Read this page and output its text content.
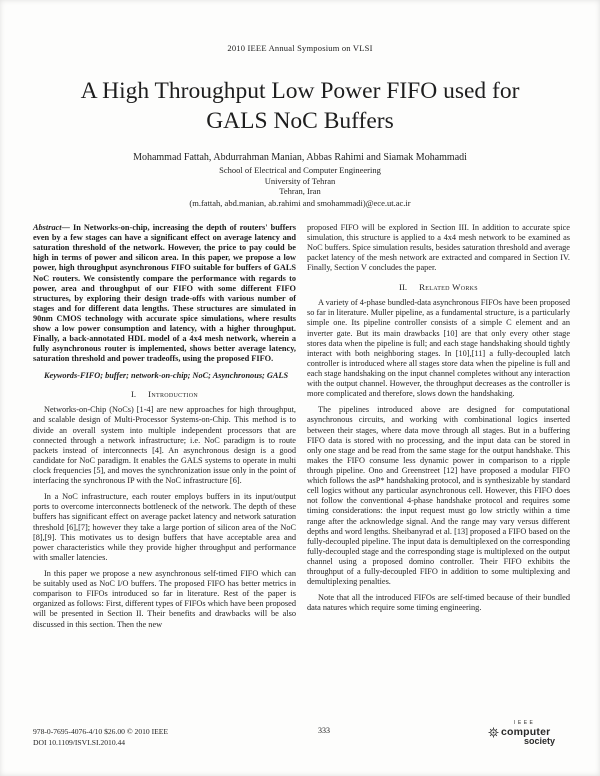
2010 IEEE Annual Symposium on VLSI
A High Throughput Low Power FIFO used for GALS NoC Buffers
Mohammad Fattah, Abdurrahman Manian, Abbas Rahimi and Siamak Mohammadi
School of Electrical and Computer Engineering
University of Tehran
Tehran, Iran
(m.fattah, abd.manian, ab.rahimi and smohammadi)@ece.ut.ac.ir

Abstract— In Networks-on-chip, increasing the depth of routers' buffers even by a few stages can have a significant effect on average latency and saturation threshold of the network. However, the price to pay could be high in terms of power and silicon area. In this paper, we propose a low power, high throughput asynchronous FIFO suitable for buffers of GALS NoC routers. We consistently compare the performance with regards to power, area and throughput of our FIFO with some different FIFO structures, by exploring their design trade-offs with various number of stages and for different data lengths. These structures are simulated in 90nm CMOS technology with accurate spice simulations, where results show a low power consumption and latency, with a higher throughput. Finally, a back-annotated HDL model of a 4x4 mesh network, wherein a fully asynchronous router is implemented, shows better average latency, saturation threshold and power tradeoffs, using the proposed FIFO.

Keywords-FIFO; buffer; network-on-chip; NoC; Asynchronous; GALS

I. Introduction

Networks-on-Chip (NoCs) [1-4] are new approaches for high throughput, and scalable design of Multi-Processor Systems-on-Chip. This method is to divide an overall system into multiple independent processors that are connected through a network infrastructure; i.e. NoC paradigm is to route packets instead of interconnects [4]. An asynchronous design is a good candidate for NoC paradigm. It enables the GALS systems to operate in multi clock frequencies [5], and moves the synchronization issue only in the point of interfacing the synchronous IP with the NoC infrastructure [6].

In a NoC infrastructure, each router employs buffers in its input/output ports to overcome interconnects bottleneck of the network. The depth of these buffers has significant effect on average packet latency and network saturation threshold [6],[7]; however they take a large portion of silicon area of the NoC [8],[9]. This motivates us to design buffers that have acceptable area and power characteristics while they provide higher throughput and performance with smaller latencies.

In this paper we propose a new asynchronous self-timed FIFO which can be suitably used as NoC I/O buffers. The proposed FIFO has better metrics in comparison to FIFOs introduced so far in literature. Rest of the paper is organized as follows: First, different types of FIFOs which have been proposed will be presented in Section II. Their benefits and drawbacks will be also discussed in this section. Then the new

proposed FIFO will be explored in Section III. In addition to accurate spice simulation, this structure is applied to a 4x4 mesh network to be examined as NoC buffers. Spice simulation results, besides saturation threshold and average packet latency of the mesh network are extracted and compared in Section IV. Finally, Section V concludes the paper.

II. Related Works

A variety of 4-phase bundled-data asynchronous FIFOs have been proposed so far in literature. Muller pipeline, as a fundamental structure, is a particularly simple one. Its pipeline controller consists of a simple C element and an inverter gate. But its main drawbacks [10] are that only every other stage stores data when the pipeline is full; and each stage handshaking should tightly interact with both neighboring stages. In [10],[11] a fully-decoupled latch controller is introduced where all stages store data when the pipeline is full and each stage handshaking on the input channel completes without any interaction with the output channel. However, the throughput decreases as the controller is more complicated and therefore, slows down the handshaking.

The pipelines introduced above are designed for computational asynchronous circuits, and working with combinational logics inserted between their stages, where data move through all stages. But in a buffering FIFO data is stored with no processing, and the input data can be stored in only one stage and be read from the same stage for the output handshake. This makes the FIFO consume less dynamic power in comparison to a ripple through pipeline. Ono and Greenstreet [12] have proposed a modular FIFO which follows the asP* handshaking protocol, and is synthesizable by standard cell logics without any particular asynchronous cell. However, this FIFO does not follow the conventional 4-phase handshake protocol and requires some timing considerations: the input request must go low strictly within a time range after the acknowledge signal. And the range may vary versus different depths and word lengths. Sheibanyrad et al. [13] proposed a FIFO based on the fully-decoupled pipeline. The input data is demultiplexed on the corresponding fully-decoupled stage and the corresponding stage is multiplexed on the output channel using a proposed domino controller. Their FIFO exhibits the throughput of a fully-decoupled FIFO in addition to some multiplexing and demultiplexing penalties.

Note that all the introduced FIFOs are self-timed because of their bundled data natures which require some timing engineering.

978-0-7695-4076-4/10 $26.00 © 2010 IEEE
DOI 10.1109/ISVLSI.2010.44
333
IEEE
computer
society
